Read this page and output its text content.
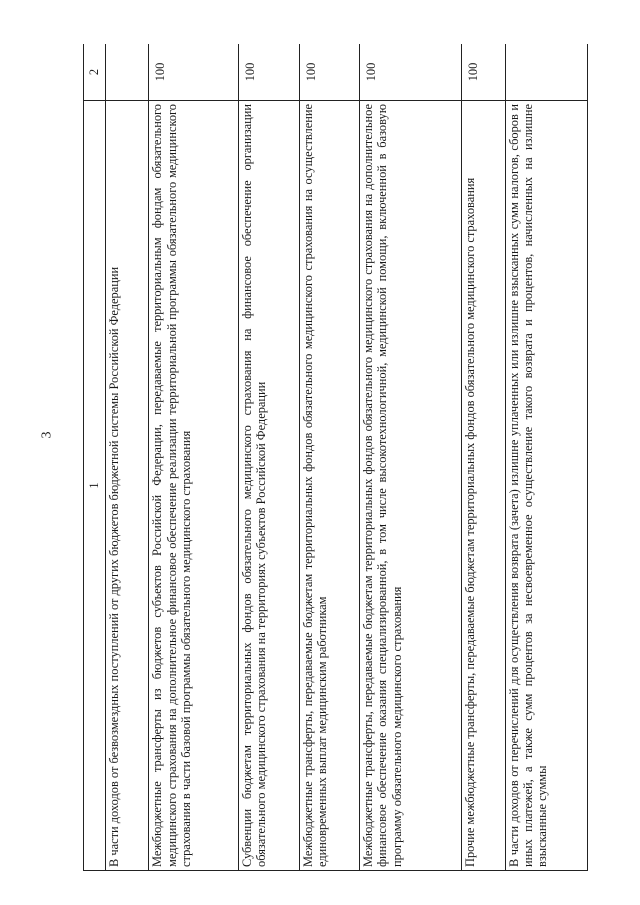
3
1	2
В части доходов от безвозмездных поступлений от других бюджетов бюджетной системы Российской Федерации	
Межбюджетные трансферты из бюджетов субъектов Российской Федерации, передаваемые территориальным фондам обязательного медицинского страхования на дополнительное финансовое обеспечение реализации территориальной программы обязательного медицинского страхования в части базовой программы обязательного медицинского страхования	100
Субвенции бюджетам территориальных фондов обязательного медицинского страхования на финансовое обеспечение организации обязательного медицинского страхования на территориях субъектов Российской Федерации	100
Межбюджетные трансферты, передаваемые бюджетам территориальных фондов обязательного медицинского страхования на осуществление единовременных выплат медицинским работникам	100
Межбюджетные трансферты, передаваемые бюджетам территориальных фондов обязательного медицинского страхования на дополнительное финансовое обеспечение оказания специализированной, в том числе высокотехнологичной, медицинской помощи, включенной в базовую программу обязательного медицинского страхования	100
Прочие межбюджетные трансферты, передаваемые бюджетам территориальных фондов обязательного медицинского страхования	100
В части доходов от перечислений для осуществления возврата (зачета) излишне уплаченных или излишне взысканных сумм налогов, сборов и иных платежей, а также сумм процентов за несвоевременное осуществление такого возврата и процентов, начисленных на излишне взысканные суммы	
